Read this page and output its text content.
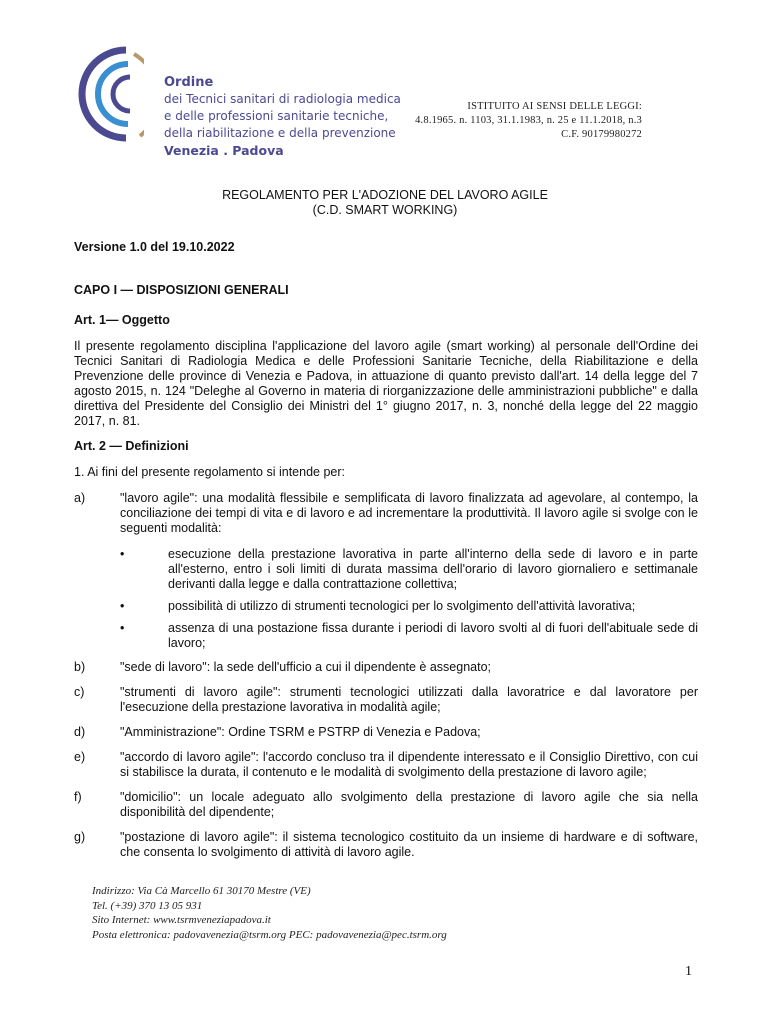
Ordine
dei Tecnici sanitari di radiologia medica
e delle professioni sanitarie tecniche,
della riabilitazione e della prevenzione
Venezia . Padova
ISTITUITO AI SENSI DELLE LEGGI:
4.8.1965. n. 1103, 31.1.1983, n. 25 e 11.1.2018, n.3
C.F. 90179980272
REGOLAMENTO PER L'ADOZIONE DEL LAVORO AGILE
(C.D. SMART WORKING)
Versione 1.0 del 19.10.2022
CAPO I — DISPOSIZIONI GENERALI
Art. 1— Oggetto
Il presente regolamento disciplina l'applicazione del lavoro agile (smart working) al personale dell'Ordine dei Tecnici Sanitari di Radiologia Medica e delle Professioni Sanitarie Tecniche, della Riabilitazione e della Prevenzione delle province di Venezia e Padova, in attuazione di quanto previsto dall'art. 14 della legge del 7 agosto 2015, n. 124 "Deleghe al Governo in materia di riorganizzazione delle amministrazioni pubbliche" e dalla direttiva del Presidente del Consiglio dei Ministri del 1° giugno 2017, n. 3, nonché della legge del 22 maggio 2017, n. 81.
Art. 2 — Definizioni
1. Ai fini del presente regolamento si intende per:
a)	"lavoro agile": una modalità flessibile e semplificata di lavoro finalizzata ad agevolare, al contempo, la conciliazione dei tempi di vita e di lavoro e ad incrementare la produttività. Il lavoro agile si svolge con le seguenti modalità:
•	esecuzione della prestazione lavorativa in parte all'interno della sede di lavoro e in parte all'esterno, entro i soli limiti di durata massima dell'orario di lavoro giornaliero e settimanale derivanti dalla legge e dalla contrattazione collettiva;
•	possibilità di utilizzo di strumenti tecnologici per lo svolgimento dell'attività lavorativa;
•	assenza di una postazione fissa durante i periodi di lavoro svolti al di fuori dell'abituale sede di lavoro;
b)	"sede di lavoro": la sede dell'ufficio a cui il dipendente è assegnato;
c)	"strumenti di lavoro agile": strumenti tecnologici utilizzati dalla lavoratrice e dal lavoratore per l'esecuzione della prestazione lavorativa in modalità agile;
d)	"Amministrazione": Ordine TSRM e PSTRP di Venezia e Padova;
e)	"accordo di lavoro agile": l'accordo concluso tra il dipendente interessato e il Consiglio Direttivo, con cui si stabilisce la durata, il contenuto e le modalità di svolgimento della prestazione di lavoro agile;
f)	"domicilio": un locale adeguato allo svolgimento della prestazione di lavoro agile che sia nella disponibilità del dipendente;
g)	"postazione di lavoro agile": il sistema tecnologico costituito da un insieme di hardware e di software, che consenta lo svolgimento di attività di lavoro agile.
Indirizzo: Via Cà Marcello 61 30170 Mestre (VE)
Tel. (+39) 370 13 05 931
Sito Internet: www.tsrmveneziapadova.it
Posta elettronica: padovavenezia@tsrm.org PEC: padovavenezia@pec.tsrm.org
1
